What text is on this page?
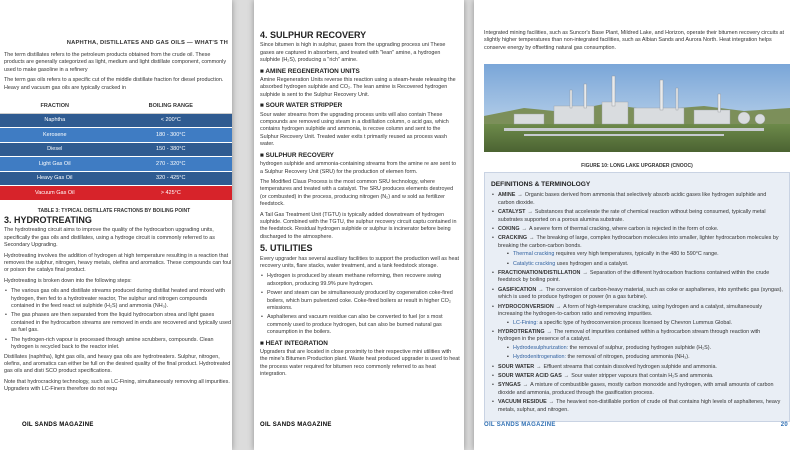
NAPHTHA, DISTILLATES AND GAS OILS — WHAT'S TH

The term distillates refers to the petroleum products obtained from the crude oil. These products are generally categorized as light, medium and light distillate component, commonly used to make gasoline in a refinery

The term gas oils refers to a specific cut of the middle distillate fraction for diesel production. Heavy and vacuum gas oils are typically cracked in

FRACTION	BOILING RANGE
Naphtha	< 200°C
Kerosene	180 - 300°C
Diesel	150 - 380°C
Light Gas Oil	270 - 320°C
Heavy Gas Oil	320 - 425°C
Vacuum Gas Oil	> 425°C
TABLE 3: TYPICAL DISTILLATE FRACTIONS BY BOILING POINT
3. HYDROTREATING

The hydrotreating circuit aims to improve the quality of the hydrocarbon upgrading units, specifically the gas oils and distillates, using a hydroge circuit is commonly referred to as Secondary Upgrading.

Hydrotreating involves the addition of hydrogen at high temperature resulting in a reaction that removes the sulphur, nitrogen, heavy metals, olefins and aromatics. These compounds can foul or poison the catalys final product.

Hydrotreating is broken down into the following steps:

• The various gas oils and distillate streams produced during distillat heated and mixed with hydrogen, then fed to a hydrotreater reactor, The sulphur and nitrogen compounds contained in the feed react wi sulphide (H₂S) and ammonia (NH₃).
• The gas phases are then separated from the liquid hydrocarbon strea and light gases contained in the hydrocarbon streams are removed in ends are recovered and typically used as fuel gas.
• The hydrogen-rich vapour is processed through amine scrubbers, compounds. Clean hydrogen is recycled back to the reactor inlet.

Distillates (naphtha), light gas oils, and heavy gas oils are hydrotreaters. Sulphur, nitrogen, olefins, and aromatics can either be full on the desired quality of the final product. Hydrotreated gas oils and disti SCO product specifications.

Note that hydrocracking technology, such as LC-Fining, simultaneously removing all impurities. Upgraders with LC-Finers therefore do not requ

OIL SANDS MAGAZINE
4. SULPHUR RECOVERY

Since bitumen is high in sulphur, gases from the upgrading process uni These gases are captured in absorbers, and treated with "lean" amine, a hydrogen sulphide (H₂S), producing a "rich" amine.

■ AMINE REGENERATION UNITS

Amine Regeneration Units reverse this reaction using a steam-heate releasing the absorbed hydrogen sulphide and CO₂. The lean amine is Recovered hydrogen sulphide is sent to the Sulphur Recovery Unit.

■ SOUR WATER STRIPPER

Sour water streams from the upgrading process units will also contain These compounds are removed using steam in a distillation column, o acid gas, which contains hydrogen sulphide and ammonia, is recove column and sent to the Sulphur Recovery Unit. Treated water exits t primarily reused as process wash water.

■ SULPHUR RECOVERY

hydrogen sulphide and ammonia-containing streams from the amine re are sent to a Sulphur Recovery Unit (SRU) for the production of elemen form.

The Modified Claus Process is the most common SRU technology, where temperatures and treated with a catalyst. The SRU produces elements destroyed (or combusted) in the process, producing nitrogen (N₂) and w sold as fertilizer feedstock.

A Tail Gas Treatment Unit (TGTU) is typically added downstream of hydrogen sulphide. Combined with the TGTU, the sulphur recovery circuit captu contained in the feedstock. Residual hydrogen sulphide or sulphur is incinerator before being discharged to the atmosphere.

5. UTILITIES

Every upgrader has several auxiliary facilities to support the production well as heat recovery units, flare stacks, water treatment, and a tank feedstock storage.

• Hydrogen is produced by steam methane reforming, then recovere swing adsorption, producing 99.9% pure hydrogen.
• Power and steam can be simultaneously produced by cogeneration coke-fired boilers, which burn pulverized coke. Coke-fired boilers ar result in higher CO₂ emissions.
• Asphaltenes and vacuum residue can also be converted to fuel (or s most commonly used to produce hydrogen, but can also be burned natural gas consumption in the boilers.
■ HEAT INTEGRATION

Upgraders that are located in close proximity to their respective mini utilities with the mine's Bitumen Production plant. Waste heat produced upgrader is used to heat the process water required for bitumen reco commonly referred to as heat integration.

OIL SANDS MAGAZINE
Integrated mining facilities, such as Suncor's Base Plant, Mildred Lake, and Horizon, operate their bitumen recovery circuits at slightly higher temperatures than non-integrated facilities, such as Albian Sands and Aurora North. Heat integration helps conserve energy by offsetting natural gas consumption.
FIGURE 10: LONG LAKE UPGRADER (CNOOC)
DEFINITIONS & TERMINOLOGY
• AMINE → Organic bases derived from ammonia that selectively absorb acidic gases like hydrogen sulphide and carbon dioxide.
• CATALYST → Substances that accelerate the rate of chemical reaction without being consumed, typically metal substrates supported on a porous alumina substrate.
• COKING → A severe form of thermal cracking, where carbon is rejected in the form of coke.
• CRACKING → The breaking of large, complex hydrocarbon molecules into smaller, lighter hydrocarbon molecules by breaking the carbon-carbon bonds.
▪ Thermal cracking requires very high temperatures, typically in the 480 to 590°C range.
▪ Catalytic cracking uses hydrogen and a catalyst.
• FRACTIONATION/DISTILLATION → Separation of the different hydrocarbon fractions contained within the crude feedstock by boiling point.
• GASIFICATION → The conversion of carbon-heavy material, such as coke or asphaltenes, into synthetic gas (syngas), which is used to produce hydrogen or power (in a gas turbine).
• HYDROCONVERSION → A form of high-temperature cracking, using hydrogen and a catalyst, simultaneously increasing the hydrogen-to-carbon ratio and removing impurities.
▪ LC-Fining: a specific type of hydroconversion process licensed by Chevron Lummus Global.
• HYDROTREATING → The removal of impurities contained within a hydrocarbon stream through reaction with hydrogen in the presence of a catalyst.
▪ Hydrodesulphurization: the removal of sulphur, producing hydrogen sulphide (H₂S).
▪ Hydrodenitrogenation: the removal of nitrogen, producing ammonia (NH₃).
• SOUR WATER → Effluent streams that contain dissolved hydrogen sulphide and ammonia.
• SOUR WATER ACID GAS → Sour water stripper vapours that contain H₂S and ammonia.
• SYNGAS → A mixture of combustible gases, mostly carbon monoxide and hydrogen, with small amounts of carbon dioxide and ammonia, produced through the gasification process.
• VACUUM RESIDUE → The heaviest non-distillable portion of crude oil that contains high levels of asphaltenes, heavy metals, sulphur, and nitrogen.
OIL SANDS MAGAZINE	20
